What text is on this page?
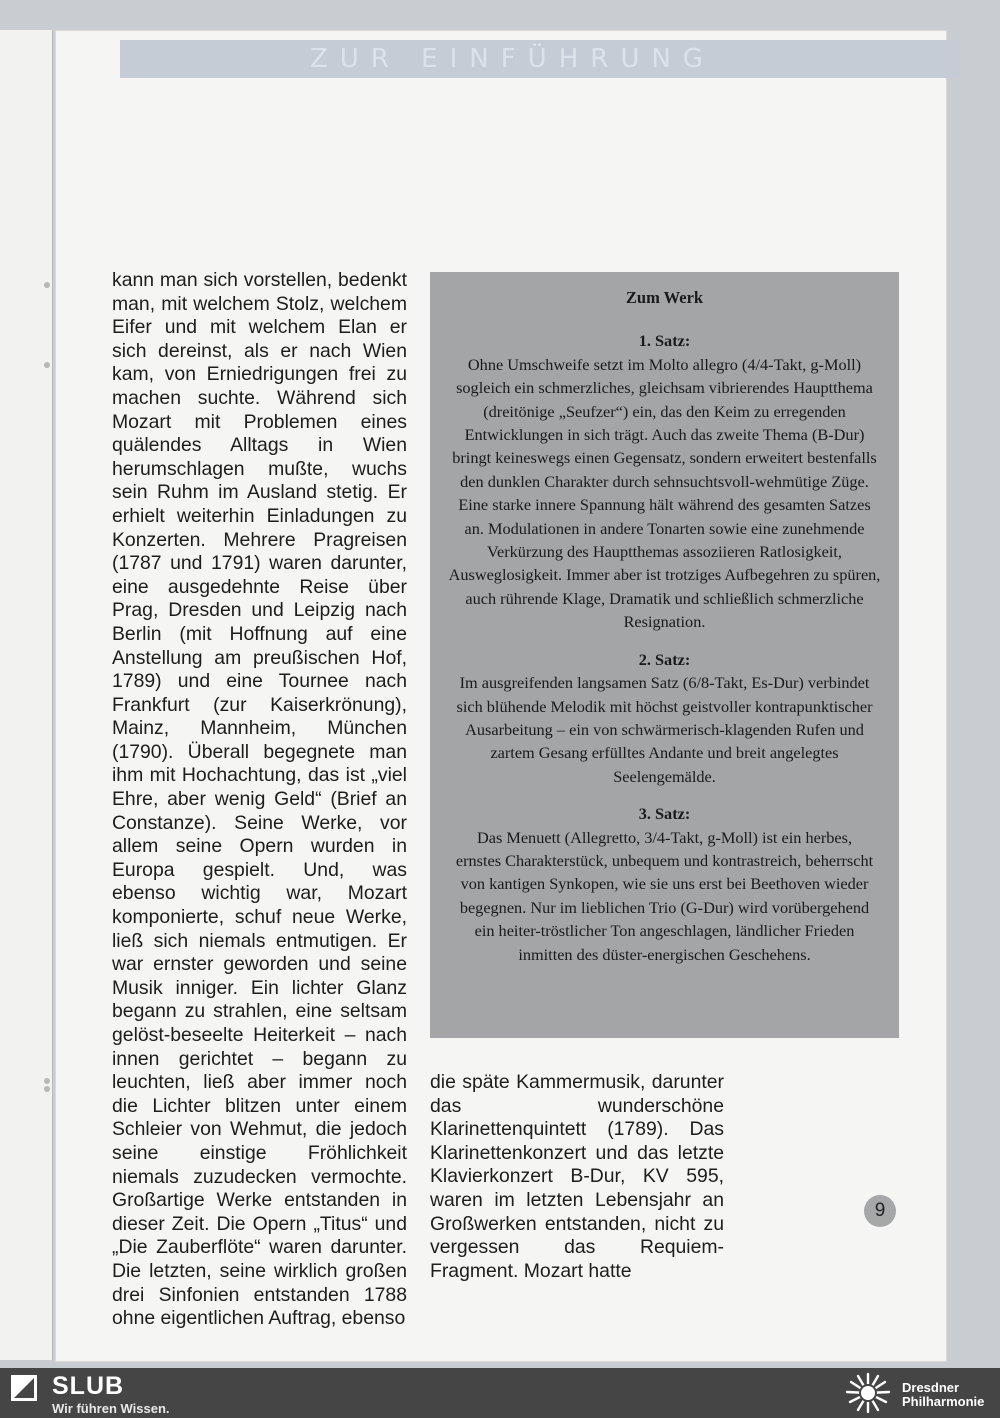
ZUR EINFÜHRUNG

kann man sich vorstellen, bedenkt man, mit welchem Stolz, welchem Eifer und mit welchem Elan er sich dereinst, als er nach Wien kam, von Erniedrigungen frei zu machen suchte. Während sich Mozart mit Problemen eines quälendes Alltags in Wien herumschlagen mußte, wuchs sein Ruhm im Ausland stetig. Er erhielt weiterhin Einladungen zu Konzerten. Mehrere Pragreisen (1787 und 1791) waren darunter, eine ausgedehnte Reise über Prag, Dresden und Leipzig nach Berlin (mit Hoffnung auf eine Anstellung am preußischen Hof, 1789) und eine Tournee nach Frankfurt (zur Kaiserkrönung), Mainz, Mannheim, München (1790). Überall begegnete man ihm mit Hochachtung, das ist „viel Ehre, aber wenig Geld“ (Brief an Constanze). Seine Werke, vor allem seine Opern wurden in Europa gespielt. Und, was ebenso wichtig war, Mozart komponierte, schuf neue Werke, ließ sich niemals entmutigen. Er war ernster geworden und seine Musik inniger. Ein lichter Glanz begann zu strahlen, eine seltsam gelöst-beseelte Heiterkeit – nach innen gerichtet – begann zu leuchten, ließ aber immer noch die Lichter blitzen unter einem Schleier von Wehmut, die jedoch seine einstige Fröhlichkeit niemals zuzudecken vermochte. Großartige Werke entstanden in dieser Zeit. Die Opern „Titus“ und „Die Zauberflöte“ waren darunter. Die letzten, seine wirklich großen drei Sinfonien entstanden 1788 ohne eigentlichen Auftrag, ebenso

Zum Werk

1. Satz:

Ohne Umschweife setzt im Molto allegro (4/4-Takt, g-Moll) sogleich ein schmerzliches, gleichsam vibrierendes Hauptthema (dreitönige „Seufzer“) ein, das den Keim zu erregenden Entwicklungen in sich trägt. Auch das zweite Thema (B-Dur) bringt keineswegs einen Gegensatz, sondern erweitert bestenfalls den dunklen Charakter durch sehnsuchtsvoll-wehmütige Züge. Eine starke innere Spannung hält während des gesamten Satzes an. Modulationen in andere Tonarten sowie eine zunehmende Verkürzung des Hauptthemas assoziieren Ratlosigkeit, Ausweglosigkeit. Immer aber ist trotziges Aufbegehren zu spüren, auch rührende Klage, Dramatik und schließlich schmerzliche Resignation.

2. Satz:

Im ausgreifenden langsamen Satz (6/8-Takt, Es-Dur) verbindet sich blühende Melodik mit höchst geistvoller kontrapunktischer Ausarbeitung – ein von schwärmerisch-klagenden Rufen und zartem Gesang erfülltes Andante und breit angelegtes Seelengemälde.

3. Satz:

Das Menuett (Allegretto, 3/4-Takt, g-Moll) ist ein herbes, ernstes Charakterstück, unbequem und kontrastreich, beherrscht von kantigen Synkopen, wie sie uns erst bei Beethoven wieder begegnen. Nur im lieblichen Trio (G-Dur) wird vorübergehend ein heiter-tröstlicher Ton angeschlagen, ländlicher Frieden inmitten des düster-energischen Geschehens.

die späte Kammermusik, darunter das wunderschöne Klarinettenquintett (1789). Das Klarinettenkonzert und das letzte Klavierkonzert B-Dur, KV 595, waren im letzten Lebensjahr an Großwerken entstanden, nicht zu vergessen das Requiem-Fragment. Mozart hatte

9
SLUB
Wir führen Wissen.
Dresdner
Philharmonie
